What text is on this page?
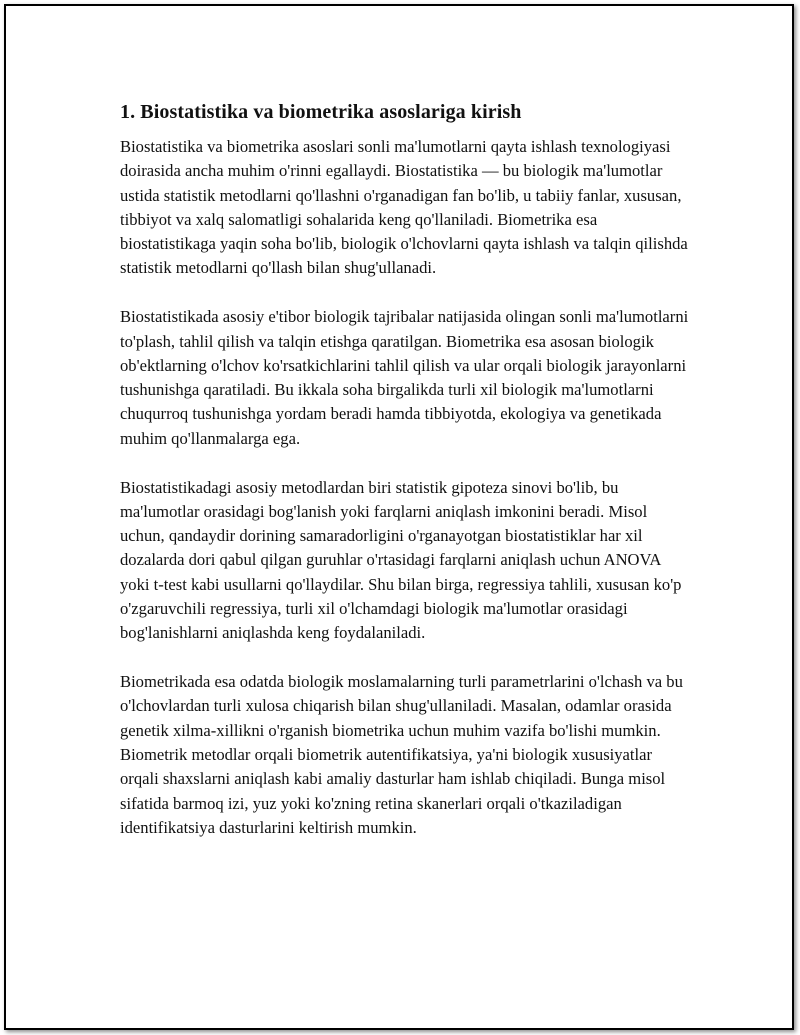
1. Biostatistika va biometrika asoslariga kirish

Biostatistika va biometrika asoslari sonli ma'lumotlarni qayta ishlash texnologiyasi doirasida ancha muhim o'rinni egallaydi. Biostatistika — bu biologik ma'lumotlar ustida statistik metodlarni qo'llashni o'rganadigan fan bo'lib, u tabiiy fanlar, xususan, tibbiyot va xalq salomatligi sohalarida keng qo'llaniladi. Biometrika esa biostatistikaga yaqin soha bo'lib, biologik o'lchovlarni qayta ishlash va talqin qilishda statistik metodlarni qo'llash bilan shug'ullanadi.

Biostatistikada asosiy e'tibor biologik tajribalar natijasida olingan sonli ma'lumotlarni to'plash, tahlil qilish va talqin etishga qaratilgan. Biometrika esa asosan biologik ob'ektlarning o'lchov ko'rsatkichlarini tahlil qilish va ular orqali biologik jarayonlarni tushunishga qaratiladi. Bu ikkala soha birgalikda turli xil biologik ma'lumotlarni chuqurroq tushunishga yordam beradi hamda tibbiyotda, ekologiya va genetikada muhim qo'llanmalarga ega.

Biostatistikadagi asosiy metodlardan biri statistik gipoteza sinovi bo'lib, bu ma'lumotlar orasidagi bog'lanish yoki farqlarni aniqlash imkonini beradi. Misol uchun, qandaydir dorining samaradorligini o'rganayotgan biostatistiklar har xil dozalarda dori qabul qilgan guruhlar o'rtasidagi farqlarni aniqlash uchun ANOVA yoki t-test kabi usullarni qo'llaydilar. Shu bilan birga, regressiya tahlili, xususan ko'p o'zgaruvchili regressiya, turli xil o'lchamdagi biologik ma'lumotlar orasidagi bog'lanishlarni aniqlashda keng foydalaniladi.

Biometrikada esa odatda biologik moslamalarning turli parametrlarini o'lchash va bu o'lchovlardan turli xulosa chiqarish bilan shug'ullaniladi. Masalan, odamlar orasida genetik xilma-xillikni o'rganish biometrika uchun muhim vazifa bo'lishi mumkin. Biometrik metodlar orqali biometrik autentifikatsiya, ya'ni biologik xususiyatlar orqali shaxslarni aniqlash kabi amaliy dasturlar ham ishlab chiqiladi. Bunga misol sifatida barmoq izi, yuz yoki ko'zning retina skanerlari orqali o'tkaziladigan identifikatsiya dasturlarini keltirish mumkin.
